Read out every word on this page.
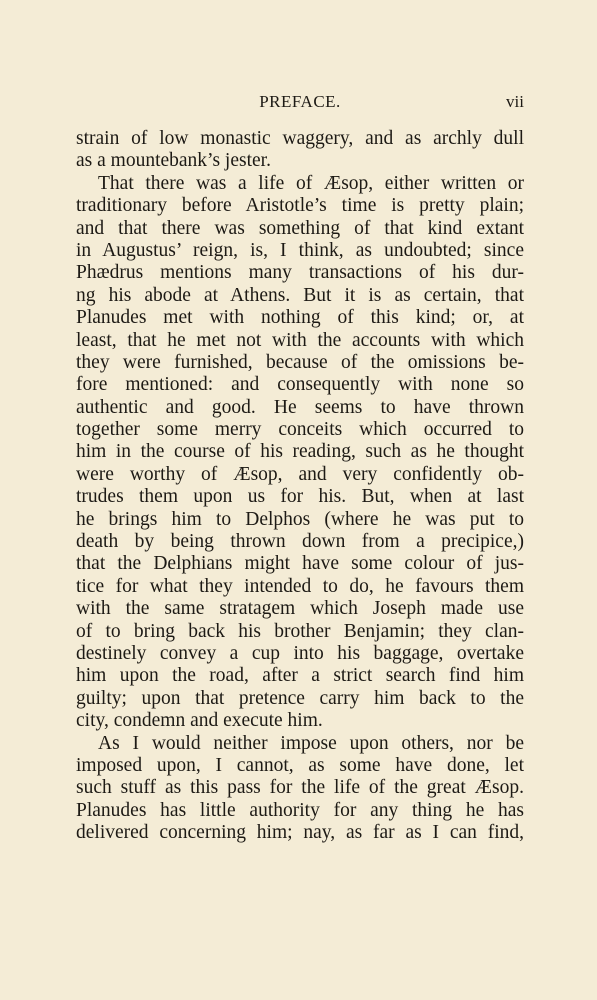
PREFACE.	vii
strain of low monastic waggery, and as archly dull
as a mountebank’s jester.
That there was a life of Æsop, either written or
traditionary before Aristotle’s time is pretty plain;
and that there was something of that kind extant
in Augustus’ reign, is, I think, as undoubted; since
Phædrus mentions many transactions of his dur-
ng his abode at Athens. But it is as certain, that
Planudes met with nothing of this kind; or, at
least, that he met not with the accounts with which
they were furnished, because of the omissions be-
fore mentioned: and consequently with none so
authentic and good. He seems to have thrown
together some merry conceits which occurred to
him in the course of his reading, such as he thought
were worthy of Æsop, and very confidently ob-
trudes them upon us for his. But, when at last
he brings him to Delphos (where he was put to
death by being thrown down from a precipice,)
that the Delphians might have some colour of jus-
tice for what they intended to do, he favours them
with the same stratagem which Joseph made use
of to bring back his brother Benjamin; they clan-
destinely convey a cup into his baggage, overtake
him upon the road, after a strict search find him
guilty; upon that pretence carry him back to the
city, condemn and execute him.
As I would neither impose upon others, nor be
imposed upon, I cannot, as some have done, let
such stuff as this pass for the life of the great Æsop.
Planudes has little authority for any thing he has
delivered concerning him; nay, as far as I can find,
